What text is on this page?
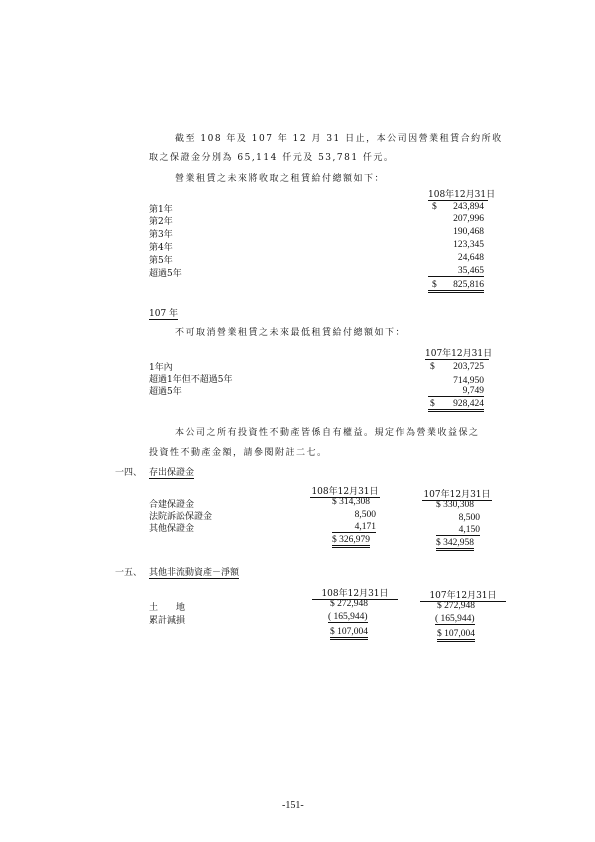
截至 108 年及 107 年 12 月 31 日止，本公司因營業租賃合約所收
取之保證金分別為 65,114 仟元及 53,781 仟元。
營業租賃之未來將收取之租賃給付總額如下：
108年12月31日
第1年	$	243,894
第2年	207,996
第3年	190,468
第4年	123,345
第5年	24,648
超過5年	35,465
$	825,816
107 年
不可取消營業租賃之未來最低租賃給付總額如下：
107年12月31日
1年內	$	203,725
超過1年但不超過5年	714,950
超過5年	9,749
$	928,424
本公司之所有投資性不動產皆係自有權益。規定作為營業收益保之
投資性不動產金額，請參閱附註二七。
一四、 存出保證金
108年12月31日	107年12月31日
合建保證金	$ 314,308	$ 330,308
法院訴訟保證金	8,500	8,500
其他保證金	4,171	4,150
$ 326,979	$ 342,958
一五、 其他非流動資產－淨額
108年12月31日	107年12月31日
土　　地	$ 272,948	$ 272,948
累計減損	( 165,944)	( 165,944)
$ 107,004	$ 107,004
-151-
